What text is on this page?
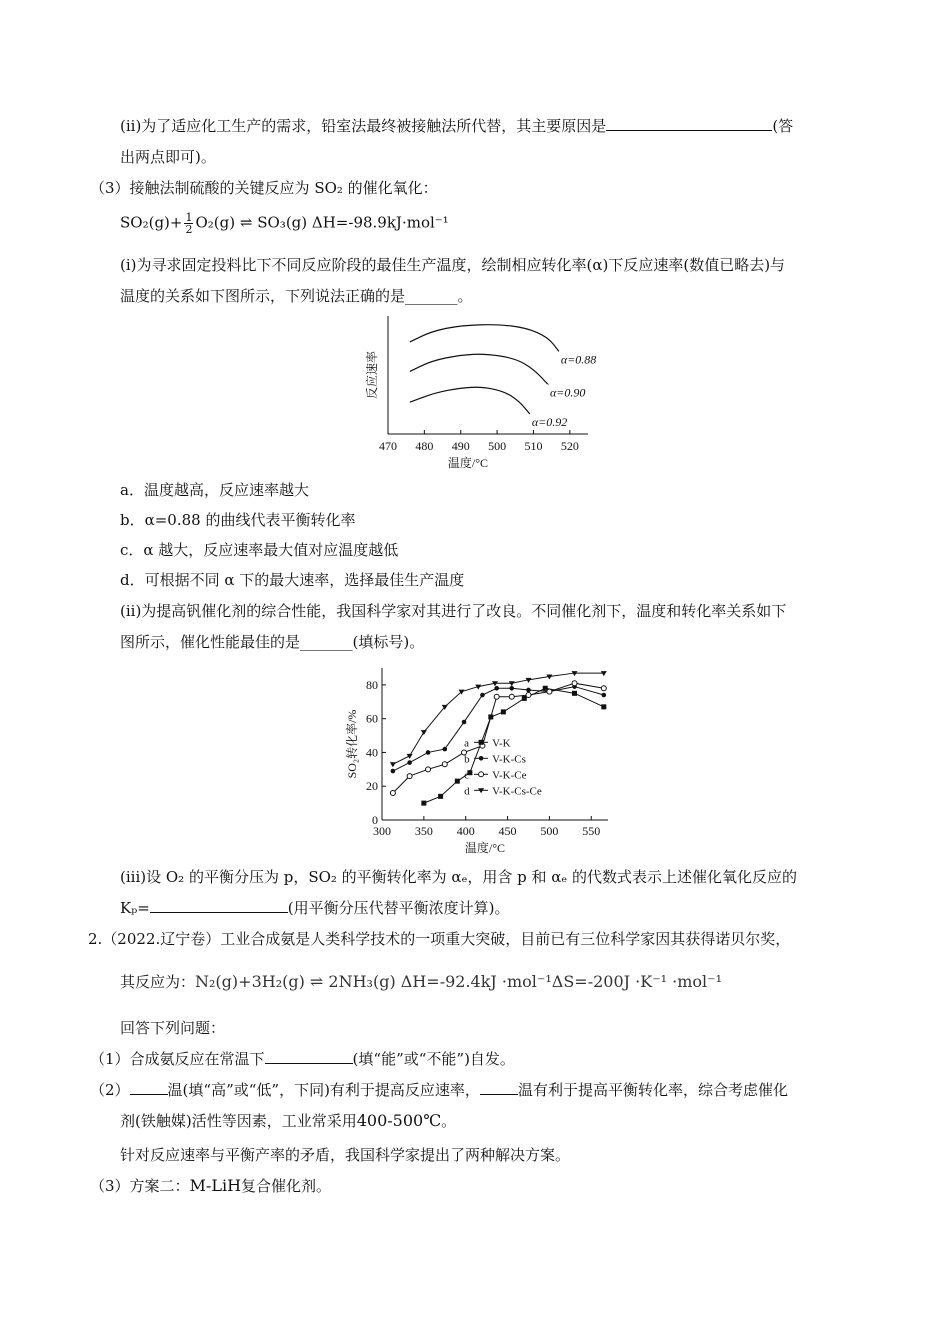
(ii)为了适应化工生产的需求，铅室法最终被接触法所代替，其主要原因是	(答
出两点即可)。
（3）接触法制硫酸的关键反应为 SO₂ 的催化氧化：
$SO_2(g)+ \frac{1}{2} O_2(g)$ ⇌ SO₃(g) ΔH=-98.9kJ·mol⁻¹
(i)为寻求固定投料比下不同反应阶段的最佳生产温度，绘制相应转化率(α)下反应速率(数值已略去)与
温度的关系如下图所示，下列说法正确的是_______。
470 480 490 500 510 520
温度/°C
反应速率	α=0.88
α=0.90
α=0.92
a．温度越高，反应速率越大
b．α=0.88 的曲线代表平衡转化率
c．α 越大，反应速率最大值对应温度越低
d．可根据不同 α 下的最大速率，选择最佳生产温度
(ii)为提高钒催化剂的综合性能，我国科学家对其进行了改良。不同催化剂下，温度和转化率关系如下
图所示，催化性能最佳的是_______(填标号)。
0
20
40
60
80
300 350 400 450 500 550
温度/°C
SO₂转化率/%	a V-K
b V-K-Cs
c V-K-Ce
d V-K-Cs-Ce
(iii)设 O₂ 的平衡分压为 p，SO₂ 的平衡转化率为 αₑ，用含 p 和 αₑ 的代数式表示上述催化氧化反应的
Kₚ=	(用平衡分压代替平衡浓度计算)。
2.（2022.辽宁卷）工业合成氨是人类科学技术的一项重大突破，目前已有三位科学家因其获得诺贝尔奖，
其反应为：N₂(g)+3H₂(g) ⇌ 2NH₃(g) ΔH=-92.4kJ ·mol⁻¹ΔS=-200J ·K⁻¹ ·mol⁻¹
回答下列问题：
（1）合成氨反应在常温下	(填“能”或“不能”)自发。
（2）	温(填“高”或“低”，下同)有利于提高反应速率，	温有利于提高平衡转化率，综合考虑催化
剂(铁触媒)活性等因素，工业常采用400-500℃。
针对反应速率与平衡产率的矛盾，我国科学家提出了两种解决方案。
（3）方案二：M-LiH复合催化剂。
